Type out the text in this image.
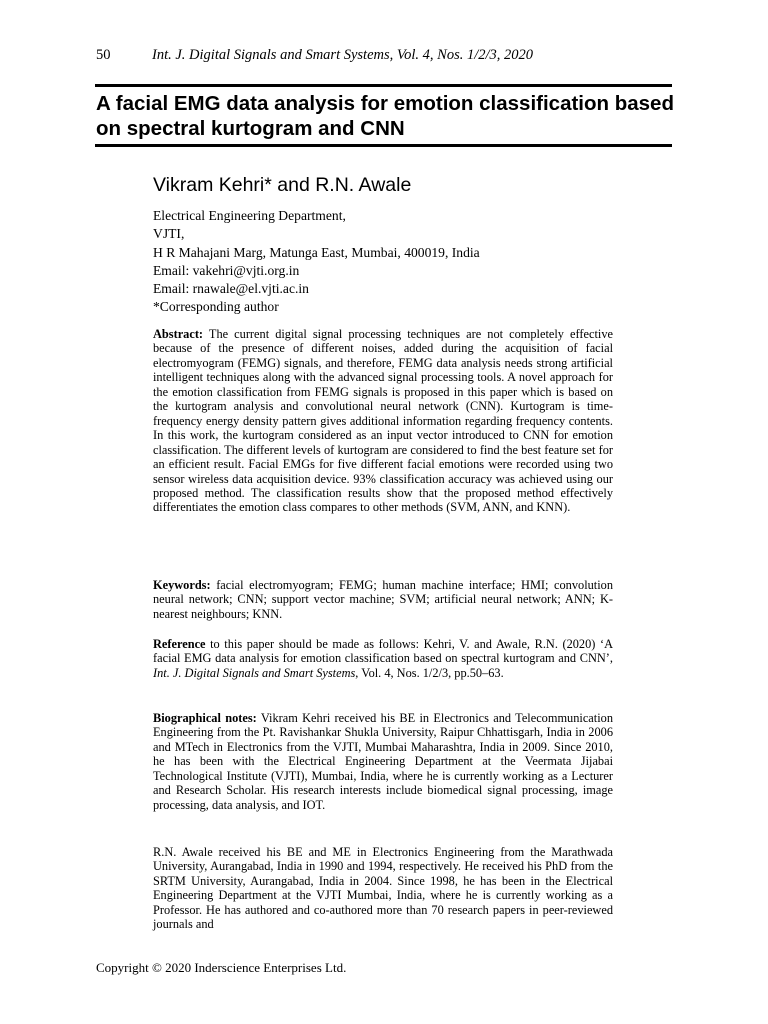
50	Int. J. Digital Signals and Smart Systems, Vol. 4, Nos. 1/2/3, 2020
A facial EMG data analysis for emotion classification based on spectral kurtogram and CNN

Vikram Kehri* and R.N. Awale

Electrical Engineering Department,
VJTI,
H R Mahajani Marg, Matunga East, Mumbai, 400019, India
Email: vakehri@vjti.org.in
Email: rnawale@el.vjti.ac.in
*Corresponding author

Abstract: The current digital signal processing techniques are not completely effective because of the presence of different noises, added during the acquisition of facial electromyogram (FEMG) signals, and therefore, FEMG data analysis needs strong artificial intelligent techniques along with the advanced signal processing tools. A novel approach for the emotion classification from FEMG signals is proposed in this paper which is based on the kurtogram analysis and convolutional neural network (CNN). Kurtogram is time-frequency energy density pattern gives additional information regarding frequency contents. In this work, the kurtogram considered as an input vector introduced to CNN for emotion classification. The different levels of kurtogram are considered to find the best feature set for an efficient result. Facial EMGs for five different facial emotions were recorded using two sensor wireless data acquisition device. 93% classification accuracy was achieved using our proposed method. The classification results show that the proposed method effectively differentiates the emotion class compares to other methods (SVM, ANN, and KNN).

Keywords: facial electromyogram; FEMG; human machine interface; HMI; convolution neural network; CNN; support vector machine; SVM; artificial neural network; ANN; K-nearest neighbours; KNN.

Reference to this paper should be made as follows: Kehri, V. and Awale, R.N. (2020) ‘A facial EMG data analysis for emotion classification based on spectral kurtogram and CNN’, Int. J. Digital Signals and Smart Systems, Vol. 4, Nos. 1/2/3, pp.50–63.

Biographical notes: Vikram Kehri received his BE in Electronics and Telecommunication Engineering from the Pt. Ravishankar Shukla University, Raipur Chhattisgarh, India in 2006 and MTech in Electronics from the VJTI, Mumbai Maharashtra, India in 2009. Since 2010, he has been with the Electrical Engineering Department at the Veermata Jijabai Technological Institute (VJTI), Mumbai, India, where he is currently working as a Lecturer and Research Scholar. His research interests include biomedical signal processing, image processing, data analysis, and IOT.

R.N. Awale received his BE and ME in Electronics Engineering from the Marathwada University, Aurangabad, India in 1990 and 1994, respectively. He received his PhD from the SRTM University, Aurangabad, India in 2004. Since 1998, he has been in the Electrical Engineering Department at the VJTI Mumbai, India, where he is currently working as a Professor. He has authored and co-authored more than 70 research papers in peer-reviewed journals and

Copyright © 2020 Inderscience Enterprises Ltd.
